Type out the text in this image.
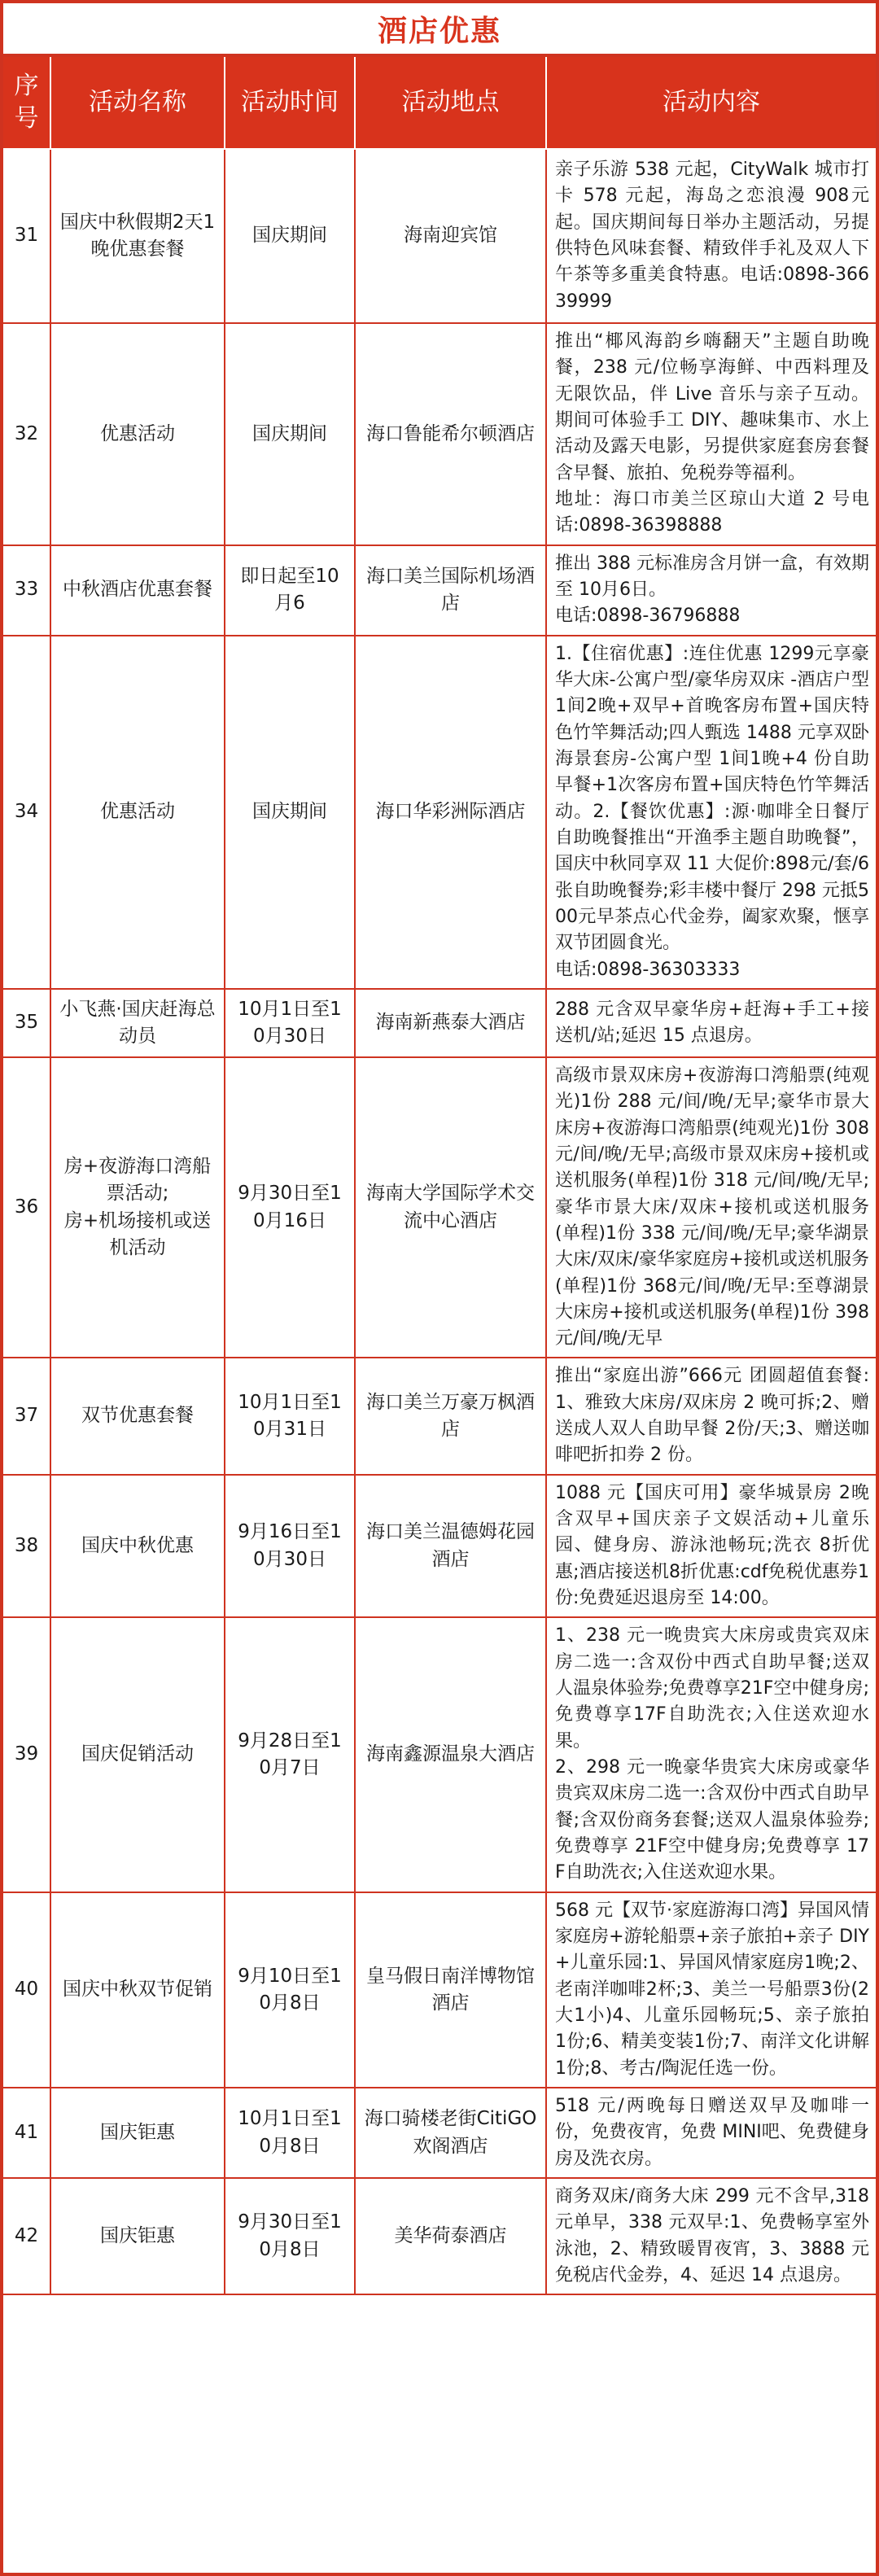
酒店优惠
序号	活动名称	活动时间	活动地点	活动内容
31	国庆中秋假期2天1晚优惠套餐	国庆期间	海南迎宾馆	亲子乐游 538 元起，CityWalk 城市打卡 578 元起，海岛之恋浪漫 908元起。国庆期间每日举办主题活动，另提供特色风味套餐、精致伴手礼及双人下午茶等多重美食特惠。电话:0898-36639999
32	优惠活动	国庆期间	海口鲁能希尔顿酒店	推出“椰风海韵乡嗨翻天”主题自助晚餐，238 元/位畅享海鲜、中西料理及无限饮品，伴 Live 音乐与亲子互动。期间可体验手工 DIY、趣味集市、水上活动及露天电影，另提供家庭套房套餐含早餐、旅拍、免税券等福利。
地址：海口市美兰区琼山大道 2 号电话:0898-36398888
33	中秋酒店优惠套餐	即日起至10月6	海口美兰国际机场酒店	推出 388 元标准房含月饼一盒，有效期至 10月6日。
电话:0898-36796888
34	优惠活动	国庆期间	海口华彩洲际酒店	1.【住宿优惠】:连住优惠 1299元享豪华大床-公寓户型/豪华房双床 -酒店户型1间2晚+双早+首晚客房布置+国庆特色竹竿舞活动;四人甄选 1488 元享双卧海景套房-公寓户型 1间1晚+4 份自助早餐+1次客房布置+国庆特色竹竿舞活动。2.【餐饮优惠】:源·咖啡全日餐厅自助晚餐推出“开渔季主题自助晚餐”，国庆中秋同享双 11 大促价:898元/套/6 张自助晚餐券;彩丰楼中餐厅 298 元抵500元早茶点心代金券，阖家欢聚，惬享双节团圆食光。
电话:0898-36303333
35	小飞燕·国庆赶海总动员	10月1日至10月30日	海南新燕泰大酒店	288 元含双早豪华房+赶海+手工+接送机/站;延迟 15 点退房。
36	房+夜游海口湾船票活动;
房+机场接机或送机活动	9月30日至10月16日	海南大学国际学术交流中心酒店	高级市景双床房+夜游海口湾船票(纯观光)1份 288 元/间/晚/无早;豪华市景大床房+夜游海口湾船票(纯观光)1份 308元/间/晚/无早;高级市景双床房+接机或送机服务(单程)1份 318 元/间/晚/无早;豪华市景大床/双床+接机或送机服务(单程)1份 338 元/间/晚/无早;豪华湖景大床/双床/豪华家庭房+接机或送机服务(单程)1份 368元/间/晚/无早:至尊湖景大床房+接机或送机服务(单程)1份 398元/间/晚/无早
37	双节优惠套餐	10月1日至10月31日	海口美兰万豪万枫酒店	推出“家庭出游”666元 团圆超值套餐:1、雅致大床房/双床房 2 晚可拆;2、赠送成人双人自助早餐 2份/天;3、赠送咖啡吧折扣券 2 份。
38	国庆中秋优惠	9月16日至10月30日	海口美兰温德姆花园酒店	1088 元【国庆可用】豪华城景房 2晚含双早+国庆亲子文娱活动+儿童乐园、健身房、游泳池畅玩;洗衣 8折优惠;酒店接送机8折优惠:cdf免税优惠券1份:免费延迟退房至 14:00。
39	国庆促销活动	9月28日至10月7日	海南鑫源温泉大酒店	1、238 元一晚贵宾大床房或贵宾双床房二选一:含双份中西式自助早餐;送双人温泉体验券;免费尊享21F空中健身房;免费尊享17F自助洗衣;入住送欢迎水果。
2、298 元一晚豪华贵宾大床房或豪华贵宾双床房二选一:含双份中西式自助早餐;含双份商务套餐;送双人温泉体验券;免费尊享 21F空中健身房;免费尊享 17F自助洗衣;入住送欢迎水果。
40	国庆中秋双节促销	9月10日至10月8日	皇马假日南洋博物馆酒店	568 元【双节·家庭游海口湾】异国风情家庭房+游轮船票+亲子旅拍+亲子 DIY+儿童乐园:1、异国风情家庭房1晚;2、老南洋咖啡2杯;3、美兰一号船票3份(2大1小)4、儿童乐园畅玩;5、亲子旅拍 1份;6、精美变装1份;7、南洋文化讲解1份;8、考古/陶泥任选一份。
41	国庆钜惠	10月1日至10月8日	海口骑楼老街CitiGO欢阁酒店	518 元/两晚每日赠送双早及咖啡一份，免费夜宵，免费 MINI吧、免费健身房及洗衣房。
42	国庆钜惠	9月30日至10月8日	美华荷泰酒店	商务双床/商务大床 299 元不含早,318元单早，338 元双早:1、免费畅享室外泳池，2、精致暖胃夜宵，3、3888 元免税店代金券，4、延迟 14 点退房。
